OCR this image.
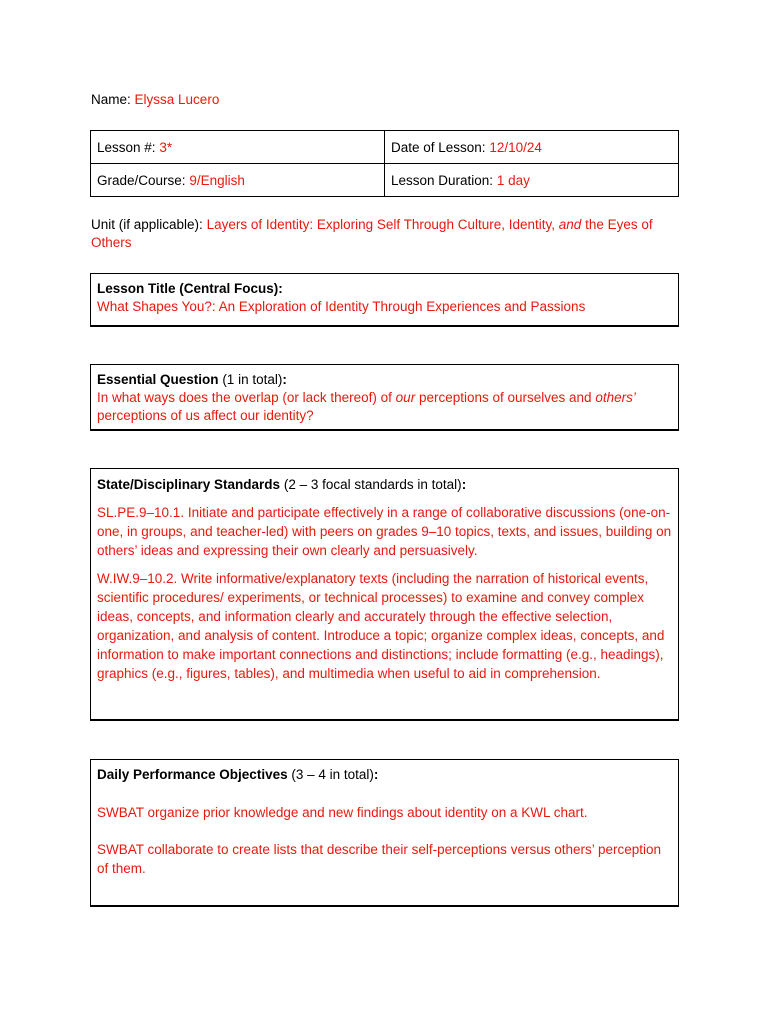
Name: Elyssa Lucero
Lesson #: 3*	Date of Lesson: 12/10/24
Grade/Course: 9/English	Lesson Duration: 1 day
Unit (if applicable): Layers of Identity: Exploring Self Through Culture, Identity, and the Eyes of Others

Lesson Title (Central Focus):

What Shapes You?: An Exploration of Identity Through Experiences and Passions

Essential Question (1 in total):

In what ways does the overlap (or lack thereof) of our perceptions of ourselves and others’ perceptions of us affect our identity?

State/Disciplinary Standards (2 – 3 focal standards in total):

SL.PE.9–10.1. Initiate and participate effectively in a range of collaborative discussions (one-on-one, in groups, and teacher-led) with peers on grades 9–10 topics, texts, and issues, building on others’ ideas and expressing their own clearly and persuasively.

W.IW.9–10.2. Write informative/explanatory texts (including the narration of historical events, scientific procedures/ experiments, or technical processes) to examine and convey complex ideas, concepts, and information clearly and accurately through the effective selection, organization, and analysis of content. Introduce a topic; organize complex ideas, concepts, and information to make important connections and distinctions; include formatting (e.g., headings), graphics (e.g., figures, tables), and multimedia when useful to aid in comprehension.

Daily Performance Objectives (3 – 4 in total):

SWBAT organize prior knowledge and new findings about identity on a KWL chart.

SWBAT collaborate to create lists that describe their self-perceptions versus others’ perception of them.
